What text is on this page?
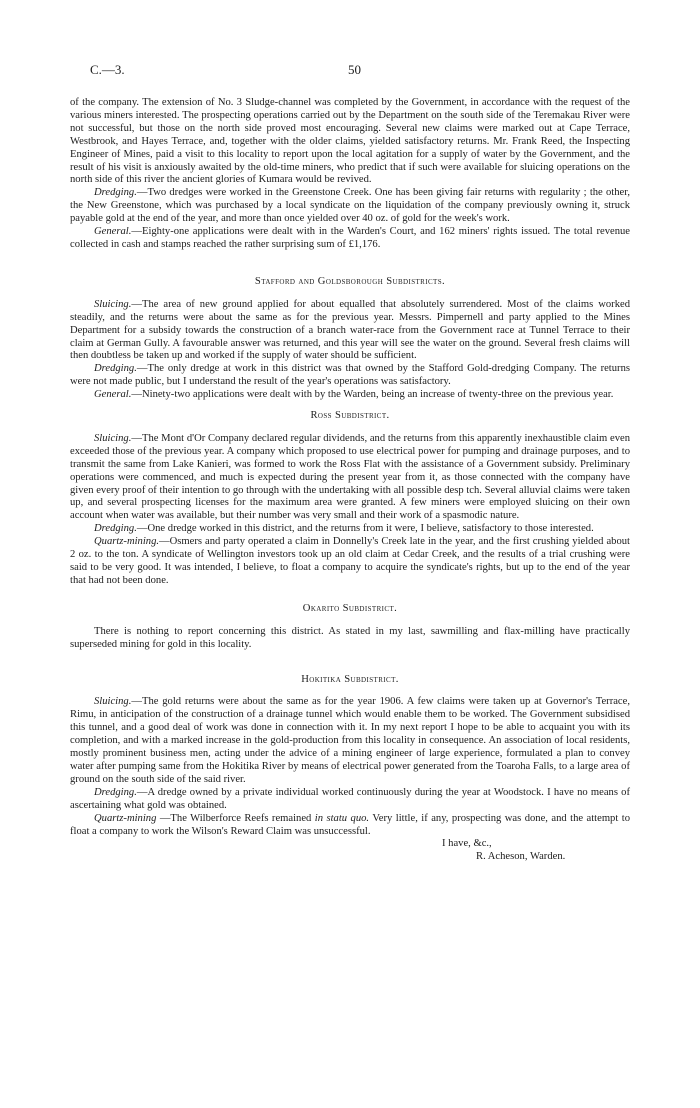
C.—3.	50

of the company. The extension of No. 3 Sludge-channel was completed by the Government, in accordance with the request of the various miners interested. The prospecting operations carried out by the Department on the south side of the Teremakau River were not successful, but those on the north side proved most encouraging. Several new claims were marked out at Cape Terrace, Westbrook, and Hayes Terrace, and, together with the older claims, yielded satisfactory returns. Mr. Frank Reed, the Inspecting Engineer of Mines, paid a visit to this locality to report upon the local agitation for a supply of water by the Government, and the result of his visit is anxiously awaited by the old-time miners, who predict that if such were available for sluicing operations on the north side of this river the ancient glories of Kumara would be revived.

Dredging.—Two dredges were worked in the Greenstone Creek. One has been giving fair returns with regularity ; the other, the New Greenstone, which was purchased by a local syndicate on the liquidation of the company previously owning it, struck payable gold at the end of the year, and more than once yielded over 40 oz. of gold for the week's work.

General.—Eighty-one applications were dealt with in the Warden's Court, and 162 miners' rights issued. The total revenue collected in cash and stamps reached the rather surprising sum of £1,176.

Stafford and Goldsborough Subdistricts.

Sluicing.—The area of new ground applied for about equalled that absolutely surrendered. Most of the claims worked steadily, and the returns were about the same as for the previous year. Messrs. Pimpernell and party applied to the Mines Department for a subsidy towards the construction of a branch water-race from the Government race at Tunnel Terrace to their claim at German Gully. A favourable answer was returned, and this year will see the water on the ground. Several fresh claims will then doubtless be taken up and worked if the supply of water should be sufficient.

Dredging.—The only dredge at work in this district was that owned by the Stafford Gold-dredging Company. The returns were not made public, but I understand the result of the year's operations was satisfactory.

General.—Ninety-two applications were dealt with by the Warden, being an increase of twenty-three on the previous year.

Ross Subdistrict.

Sluicing.—The Mont d'Or Company declared regular dividends, and the returns from this apparently inexhaustible claim even exceeded those of the previous year. A company which proposed to use electrical power for pumping and drainage purposes, and to transmit the same from Lake Kanieri, was formed to work the Ross Flat with the assistance of a Government subsidy. Preliminary operations were commenced, and much is expected during the present year from it, as those connected with the company have given every proof of their intention to go through with the undertaking with all possible desp tch. Several alluvial claims were taken up, and several prospecting licenses for the maximum area were granted. A few miners were employed sluicing on their own account when water was available, but their number was very small and their work of a spasmodic nature.

Dredging.—One dredge worked in this district, and the returns from it were, I believe, satisfactory to those interested.

Quartz-mining.—Osmers and party operated a claim in Donnelly's Creek late in the year, and the first crushing yielded about 2 oz. to the ton. A syndicate of Wellington investors took up an old claim at Cedar Creek, and the results of a trial crushing were said to be very good. It was intended, I believe, to float a company to acquire the syndicate's rights, but up to the end of the year that had not been done.

Okarito Subdistrict.

There is nothing to report concerning this district. As stated in my last, sawmilling and flax-milling have practically superseded mining for gold in this locality.

Hokitika Subdistrict.

Sluicing.—The gold returns were about the same as for the year 1906. A few claims were taken up at Governor's Terrace, Rimu, in anticipation of the construction of a drainage tunnel which would enable them to be worked. The Government subsidised this tunnel, and a good deal of work was done in connection with it. In my next report I hope to be able to acquaint you with its completion, and with a marked increase in the gold-production from this locality in consequence. An association of local residents, mostly prominent business men, acting under the advice of a mining engineer of large experience, formulated a plan to convey water after pumping same from the Hokitika River by means of electrical power generated from the Toaroha Falls, to a large area of ground on the south side of the said river.

Dredging.—A dredge owned by a private individual worked continuously during the year at Woodstock. I have no means of ascertaining what gold was obtained.

Quartz-mining —The Wilberforce Reefs remained in statu quo. Very little, if any, prospecting was done, and the attempt to float a company to work the Wilson's Reward Claim was unsuccessful.

I have, &c.,
R. Acheson, Warden.
